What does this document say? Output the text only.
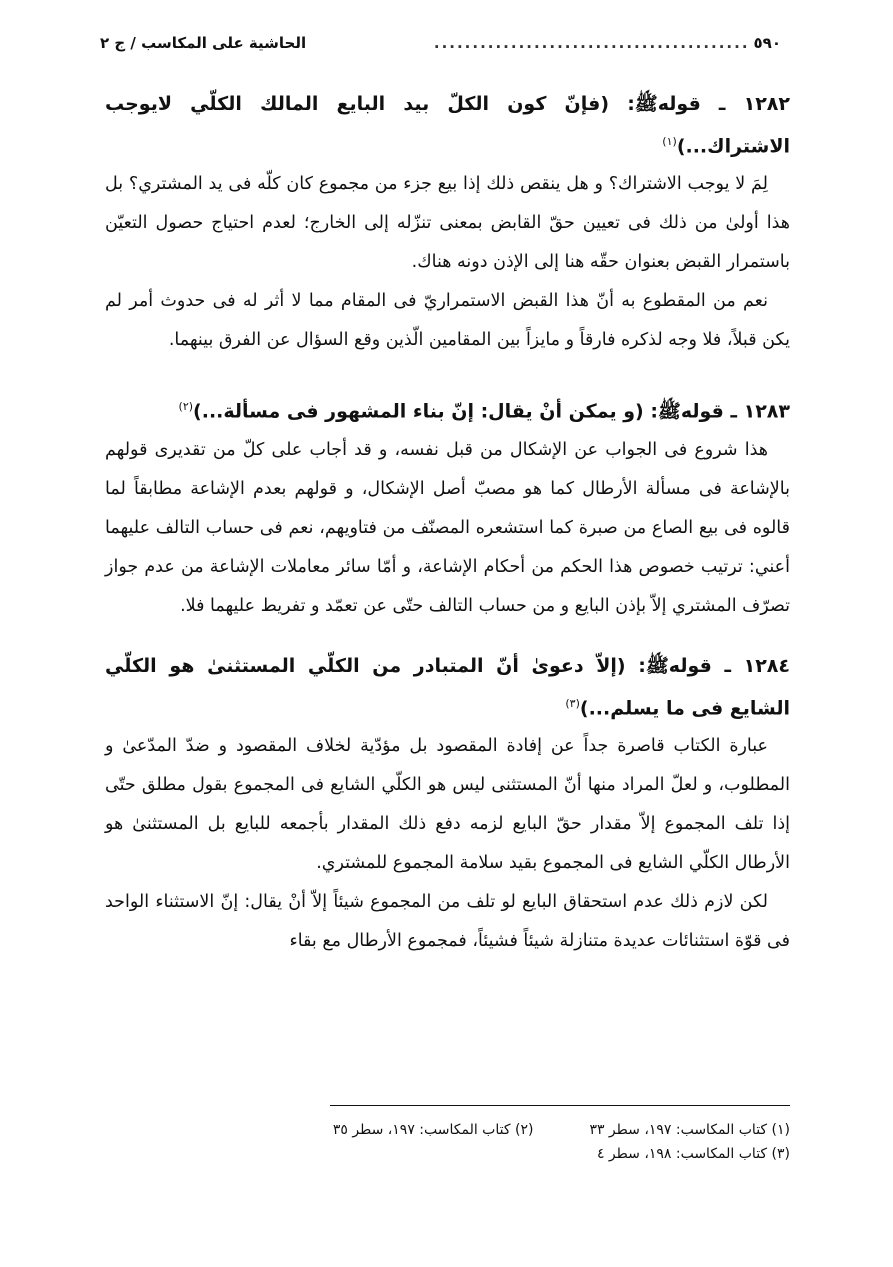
٥٩٠
.........................................
الحاشية على المكاسب / ج ٢

١٢٨٢ ـ قولهﷺ: (فإنّ كون الكلّ بيد البايع المالك الكلّي لايوجب الاشتراك...)$^{(١)}$

لِمَ لا يوجب الاشتراك؟ و هل ينقص ذلك إذا بيع جزء من مجموع كان كلّه فى يد المشتري؟ بل هذا أولىٰ من ذلك فى تعيين حقّ القابض بمعنى تنزّله إلى الخارج؛ لعدم احتياج حصول التعيّن باستمرار القبض بعنوان حقّه هنا إلى الإذن دونه هناك.

نعم من المقطوع به أنّ هذا القبض الاستمراريّ فى المقام مما لا أثر له فى حدوث أمر لم يكن قبلاً، فلا وجه لذكره فارقاً و مايزاً بين المقامين الّذين وقع السؤال عن الفرق بينهما.

١٢٨٣ ـ قولهﷺ: (و يمكن أنْ يقال: إنّ بناء المشهور فى مسألة...)$^{(٢)}$

هذا شروع فى الجواب عن الإشكال من قبل نفسه، و قد أجاب على كلّ من تقديرى قولهم بالإشاعة فى مسألة الأرطال كما هو مصبّ أصل الإشكال، و قولهم بعدم الإشاعة مطابقاً لما قالوه فى بيع الصاع من صبرة كما استشعره المصنّف من فتاويهم، نعم فى حساب التالف عليهما أعني: ترتيب خصوص هذا الحكم من أحكام الإشاعة، و أمّا سائر معاملات الإشاعة من عدم جواز تصرّف المشتري إلاّ بإذن البايع و من حساب التالف حتّى عن تعمّد و تفريط عليهما فلا.

١٢٨٤ ـ قولهﷺ: (إلاّ دعوىٰ أنّ المتبادر من الكلّي المستثنىٰ هو الكلّي الشايع فى ما يسلم...)$^{(٣)}$

عبارة الكتاب قاصرة جداً عن إفادة المقصود بل مؤدّية لخلاف المقصود و ضدّ المدّعىٰ و المطلوب، و لعلّ المراد منها أنّ المستثنى ليس هو الكلّي الشايع فى المجموع بقول مطلق حتّى إذا تلف المجموع إلاّ مقدار حقّ البايع لزمه دفع ذلك المقدار بأجمعه للبايع بل المستثنىٰ هو الأرطال الكلّي الشايع فى المجموع بقيد سلامة المجموع للمشتري.

لكن لازم ذلك عدم استحقاق البايع لو تلف من المجموع شيئاً إلاّ أنْ يقال: إنّ الاستثناء الواحد فى قوّة استثنائات عديدة متنازلة شيئاً فشيئاً، فمجموع الأرطال مع بقاء

(١) كتاب المكاسب: ١٩٧، سطر ٣٣
(٢) كتاب المكاسب: ١٩٧، سطر ٣٥
(٣) كتاب المكاسب: ١٩٨، سطر ٤
